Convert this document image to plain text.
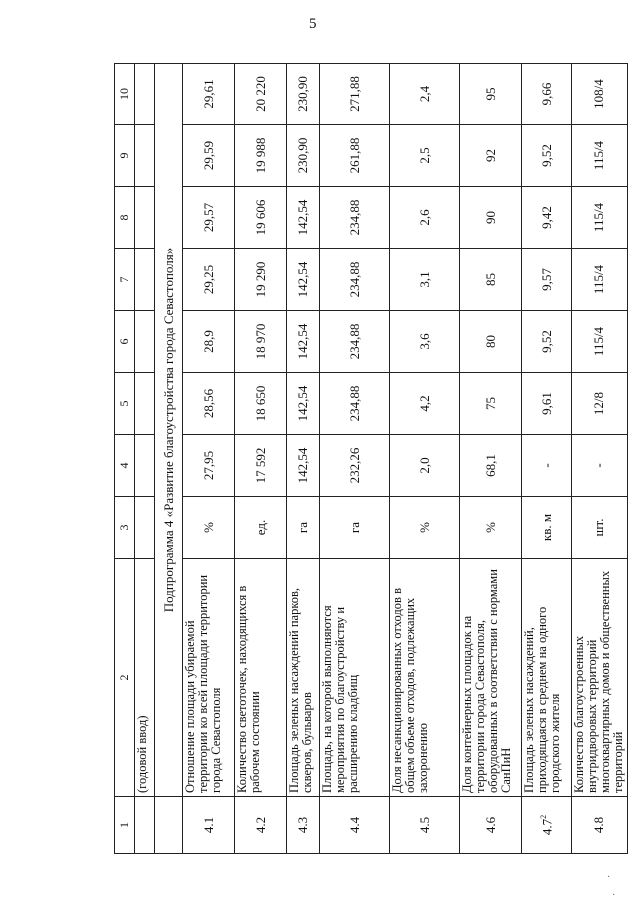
5
1	2	3	4	5	6	7	8	9	10
	(годовой ввод)								
	Подпрограмма 4 «Развитие благоустройства города Севастополя»								
4.1	Отношение площади убираемой территории ко всей площади территории города Севастополя	%	27,95	28,56	28,9	29,25	29,57	29,59	29,61
4.2	Количество светоточек, находящихся в рабочем состоянии	ед.	17 592	18 650	18 970	19 290	19 606	19 988	20 220
4.3	Площадь зеленых насаждений парков, скверов, бульваров	га	142,54	142,54	142,54	142,54	142,54	230,90	230,90
4.4	Площадь, на которой выполняются мероприятия по благоустройству и расширению кладбищ	га	232,26	234,88	234,88	234,88	234,88	261,88	271,88
4.5	Доля несанкционированных отходов в общем объеме отходов, подлежащих захоронению	%	2,0	4,2	3,6	3,1	2,6	2,5	2,4
4.6	Доля контейнерных площадок на территории города Севастополя, оборудованных в соответствии с нормами СанПиН	%	68,1	75	80	85	90	92	95
$4.7^2$	Площадь зеленых насаждений, приходящаяся в среднем на одного городского жителя	кв. м	-	9,61	9,52	9,57	9,42	9,52	9,66
4.8	Количество благоустроенных внутридворовых территорий многоквартирных домов и общественных территорий	шт.	-	12/8	115/4	115/4	115/4	115/4	108/4
·
·
